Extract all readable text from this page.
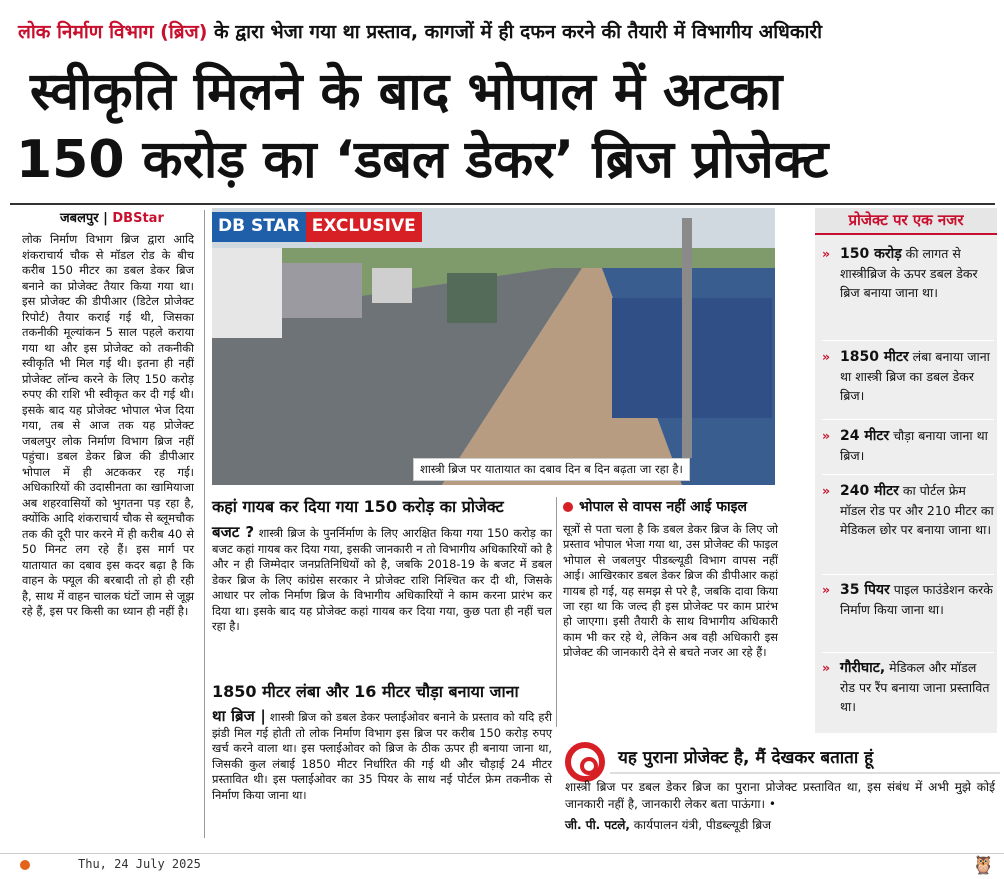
लोक निर्माण विभाग (ब्रिज) के द्वारा भेजा गया था प्रस्ताव, कागजों में ही दफन करने की तैयारी में विभागीय अधिकारी
स्वीकृति मिलने के बाद भोपाल में अटका
150 करोड़ का ‘डबल डेकर’ ब्रिज प्रोजेक्ट
जबलपुर | DBStar
लोक निर्माण विभाग ब्रिज द्वारा आदि शंकराचार्य चौक से मॉडल रोड के बीच करीब 150 मीटर का डबल डेकर ब्रिज बनाने का प्रोजेक्ट तैयार किया गया था। इस प्रोजेक्ट की डीपीआर (डिटेल प्रोजेक्ट रिपोर्ट) तैयार कराई गई थी, जिसका तकनीकी मूल्यांकन 5 साल पहले कराया गया था और इस प्रोजेक्ट को तकनीकी स्वीकृति भी मिल गई थी। इतना ही नहीं प्रोजेक्ट लॉन्च करने के लिए 150 करोड़ रुपए की राशि भी स्वीकृत कर दी गई थी। इसके बाद यह प्रोजेक्ट भोपाल भेज दिया गया, तब से आज तक यह प्रोजेक्ट जबलपुर लोक निर्माण विभाग ब्रिज नहीं पहुंचा। डबल डेकर ब्रिज की डीपीआर भोपाल में ही अटककर रह गई। अधिकारियों की उदासीनता का खामियाजा अब शहरवासियों को भुगतना पड़ रहा है, क्योंकि आदि शंकराचार्य चौक से ब्लूमचौक तक की दूरी पार करने में ही करीब 40 से 50 मिनट लग रहे हैं। इस मार्ग पर यातायात का दबाव इस कदर बढ़ा है कि वाहन के फ्यूल की बरबादी तो हो ही रही है, साथ में वाहन चालक घंटों जाम से जूझ रहे हैं, इस पर किसी का ध्यान ही नहीं है।
DB STAR EXCLUSIVE
शास्त्री ब्रिज पर यातायात का दबाव दिन ब दिन बढ़ता जा रहा है।
कहां गायब कर दिया गया 150 करोड़ का प्रोजेक्ट
बजट ? शास्त्री ब्रिज के पुनर्निर्माण के लिए आरक्षित किया गया 150 करोड़ का बजट कहां गायब कर दिया गया, इसकी जानकारी न तो विभागीय अधिकारियों को है और न ही जिम्मेदार जनप्रतिनिधियों को है, जबकि 2018-19 के बजट में डबल डेकर ब्रिज के लिए कांग्रेस सरकार ने प्रोजेक्ट राशि निश्चित कर दी थी, जिसके आधार पर लोक निर्माण ब्रिज के विभागीय अधिकारियों ने काम करना प्रारंभ कर दिया था। इसके बाद यह प्रोजेक्ट कहां गायब कर दिया गया, कुछ पता ही नहीं चल रहा है।
1850 मीटर लंबा और 16 मीटर चौड़ा बनाया जाना
था ब्रिज | शास्त्री ब्रिज को डबल डेकर फ्लाईओवर बनाने के प्रस्ताव को यदि हरी झंडी मिल गई होती तो लोक निर्माण विभाग इस ब्रिज पर करीब 150 करोड़ रुपए खर्च करने वाला था। इस फ्लाईओवर को ब्रिज के ठीक ऊपर ही बनाया जाना था, जिसकी कुल लंबाई 1850 मीटर निर्धारित की गई थी और चौड़ाई 24 मीटर प्रस्तावित थी। इस फ्लाईओवर का 35 पियर के साथ नई पोर्टल फ्रेम तकनीक से निर्माण किया जाना था।
भोपाल से वापस नहीं आई फाइल
सूत्रों से पता चला है कि डबल डेकर ब्रिज के लिए जो प्रस्ताव भोपाल भेजा गया था, उस प्रोजेक्ट की फाइल भोपाल से जबलपुर पीडब्ल्यूडी विभाग वापस नहीं आई। आखिरकार डबल डेकर ब्रिज की डीपीआर कहां गायब हो गई, यह समझ से परे है, जबकि दावा किया जा रहा था कि जल्द ही इस प्रोजेक्ट पर काम प्रारंभ हो जाएगा। इसी तैयारी के साथ विभागीय अधिकारी काम भी कर रहे थे, लेकिन अब वही अधिकारी इस प्रोजेक्ट की जानकारी देने से बचते नजर आ रहे हैं।
यह पुराना प्रोजेक्ट है, मैं देखकर बताता हूं
शास्त्री ब्रिज पर डबल डेकर ब्रिज का पुराना प्रोजेक्ट प्रस्तावित था, इस संबंध में अभी मुझे कोई जानकारी नहीं है, जानकारी लेकर बता पाऊंगा। •
जी. पी. पटले, कार्यपालन यंत्री, पीडब्ल्यूडी ब्रिज
प्रोजेक्ट पर एक नजर
» 150 करोड़ की लागत से शास्त्रीब्रिज के ऊपर डबल डेकर ब्रिज बनाया जाना था।
» 1850 मीटर लंबा बनाया जाना था शास्त्री ब्रिज का डबल डेकर ब्रिज।
» 24 मीटर चौड़ा बनाया जाना था ब्रिज।
» 240 मीटर का पोर्टल फ्रेम मॉडल रोड पर और 210 मीटर का मेडिकल छोर पर बनाया जाना था।
» 35 पियर पाइल फाउंडेशन करके निर्माण किया जाना था।
» गौरीघाट, मेडिकल और मॉडल रोड पर रैंप बनाया जाना प्रस्तावित था।
Thu, 24 July 2025	🦉
